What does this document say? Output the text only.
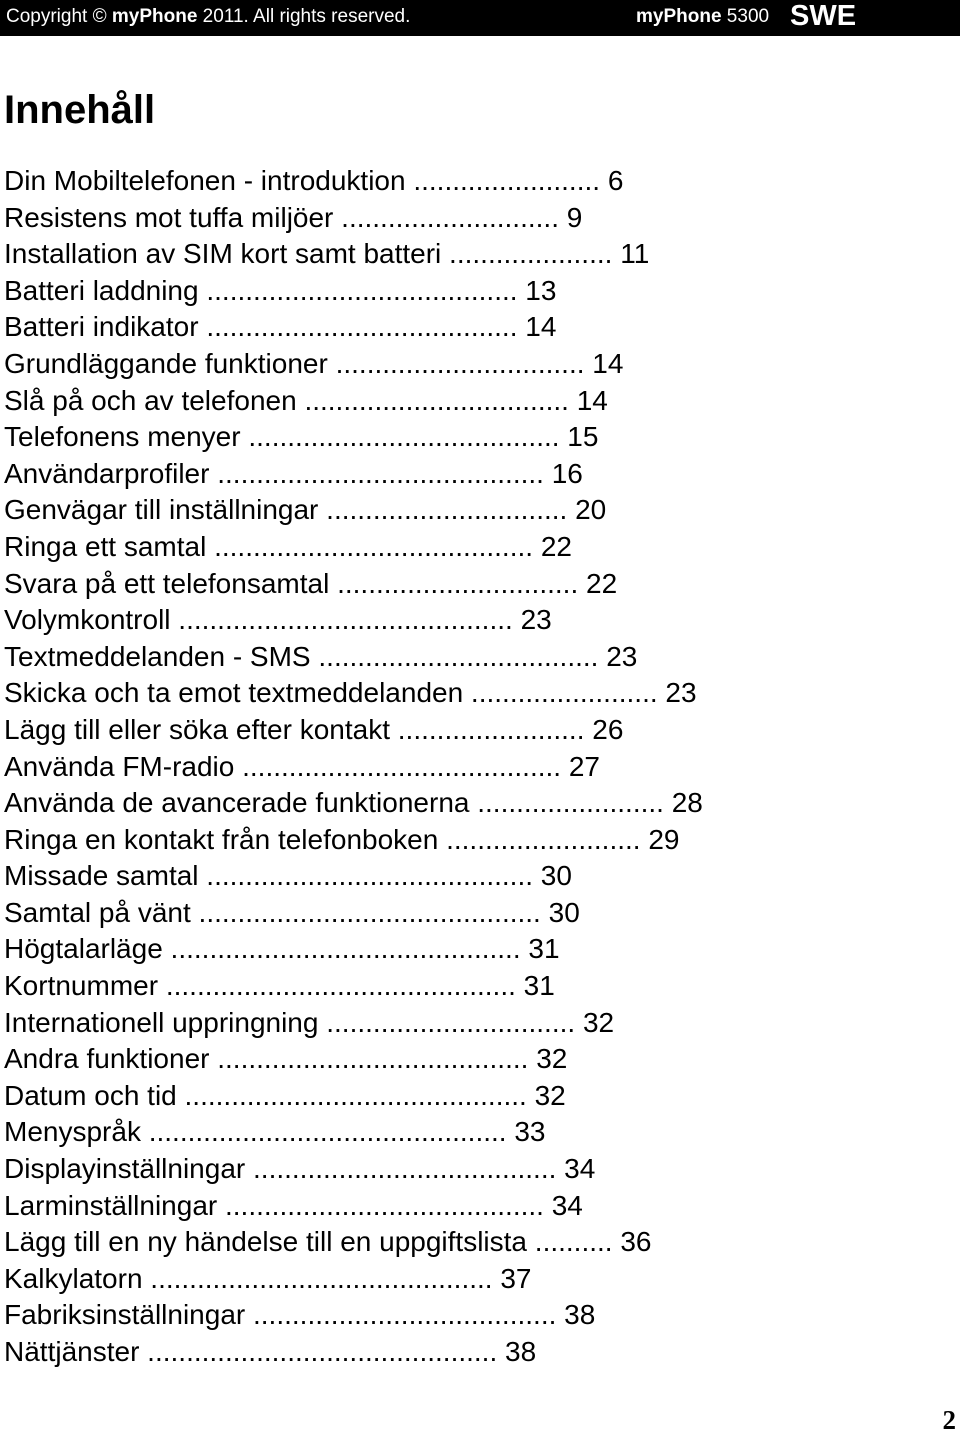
Copyright © myPhone 2011. All rights reserved.	myPhone 5300 SWE
Innehåll
Din Mobiltelefonen - introduktion ........................ 6
Resistens mot tuffa miljöer ............................ 9
Installation av SIM kort samt batteri ..................... 11
Batteri laddning ........................................ 13
Batteri indikator ........................................ 14
Grundläggande funktioner ................................ 14
Slå på och av telefonen .................................. 14
Telefonens menyer ........................................ 15
Användarprofiler .......................................... 16
Genvägar till inställningar ............................... 20
Ringa ett samtal ......................................... 22
Svara på ett telefonsamtal ............................... 22
Volymkontroll ........................................... 23
Textmeddelanden - SMS .................................... 23
Skicka och ta emot textmeddelanden ........................ 23
Lägg till eller söka efter kontakt ........................ 26
Använda FM-radio ......................................... 27
Använda de avancerade funktionerna ........................ 28
Ringa en kontakt från telefonboken ......................... 29
Missade samtal .......................................... 30
Samtal på vänt ............................................ 30
Högtalarläge ............................................. 31
Kortnummer ............................................. 31
Internationell uppringning ................................ 32
Andra funktioner ........................................ 32
Datum och tid ............................................ 32
Menyspråk .............................................. 33
Displayinställningar ....................................... 34
Larminställningar ......................................... 34
Lägg till en ny händelse till en uppgiftslista .......... 36
Kalkylatorn ............................................ 37
Fabriksinställningar ....................................... 38
Nättjänster ............................................. 38
2
